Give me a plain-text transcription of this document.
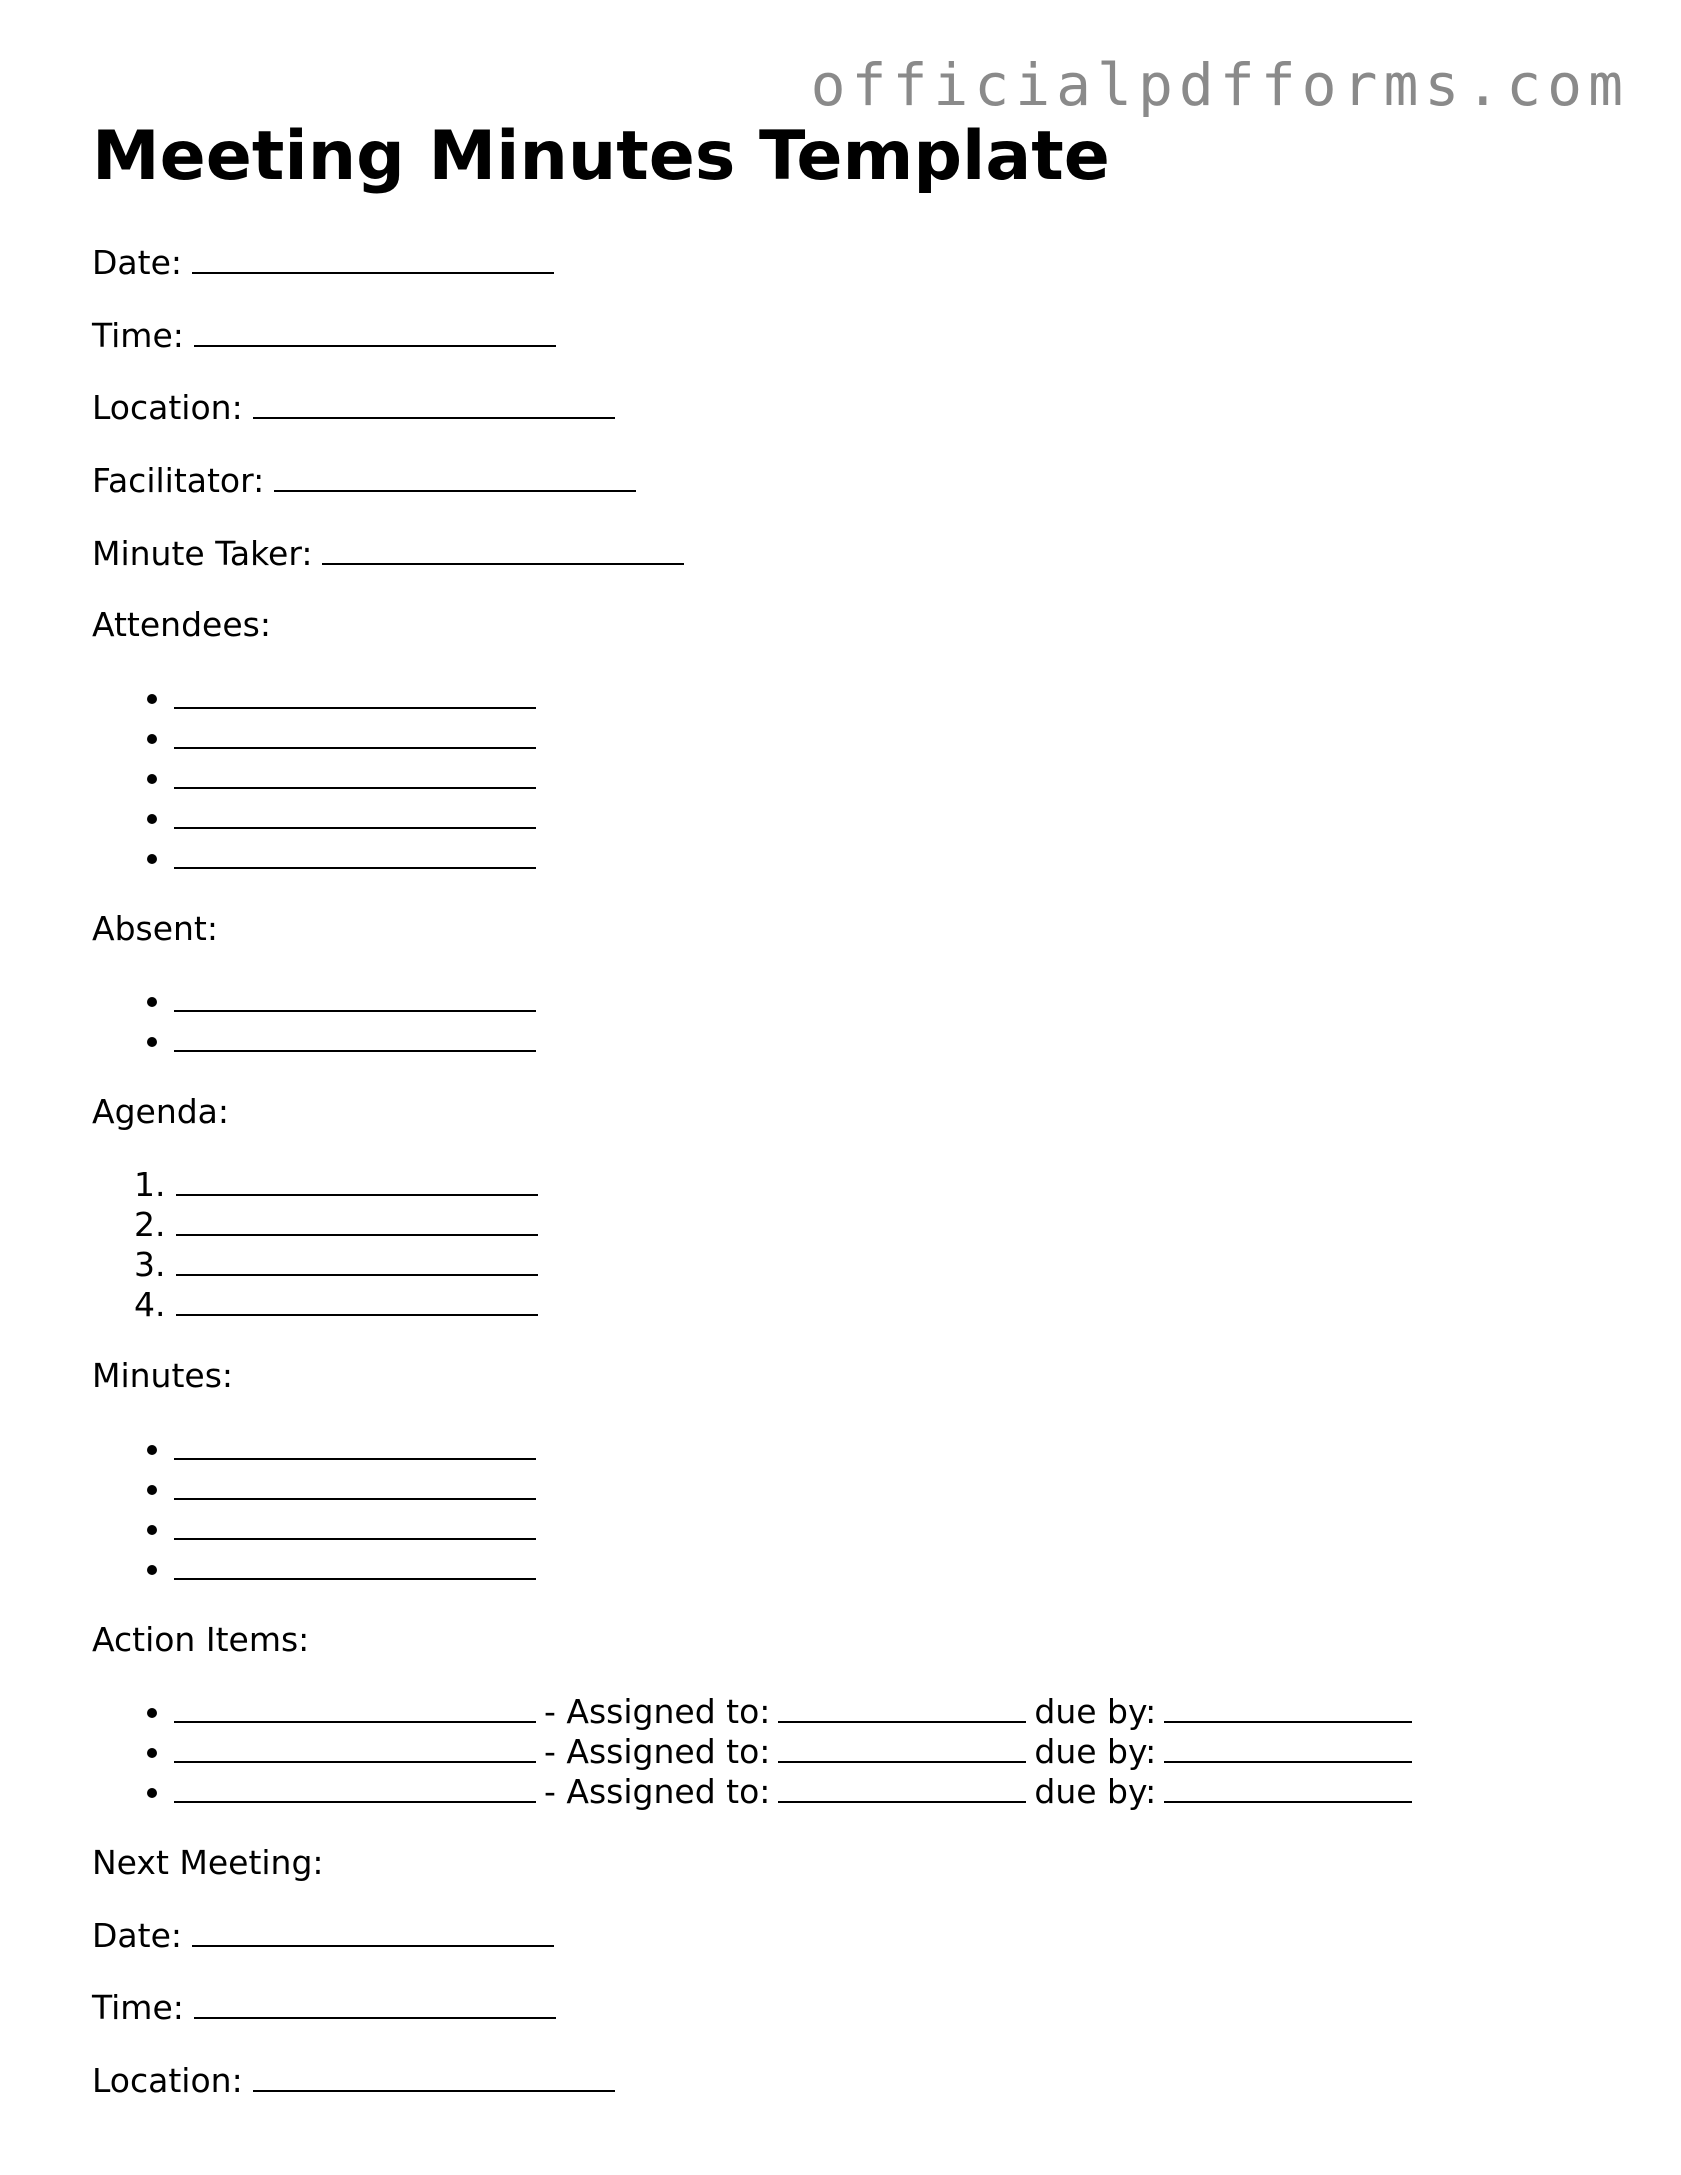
officialpdfforms.com
Meeting Minutes Template
Date:
Time:
Location:
Facilitator:
Minute Taker:
Attendees:
•
•
•
•
•
Absent:
•
•
Agenda:
1.
2.
3.
4.
Minutes:
•
•
•
•
Action Items:
• - Assigned to:	due by:
• - Assigned to:	due by:
• - Assigned to:	due by:
Next Meeting:
Date:
Time:
Location:
